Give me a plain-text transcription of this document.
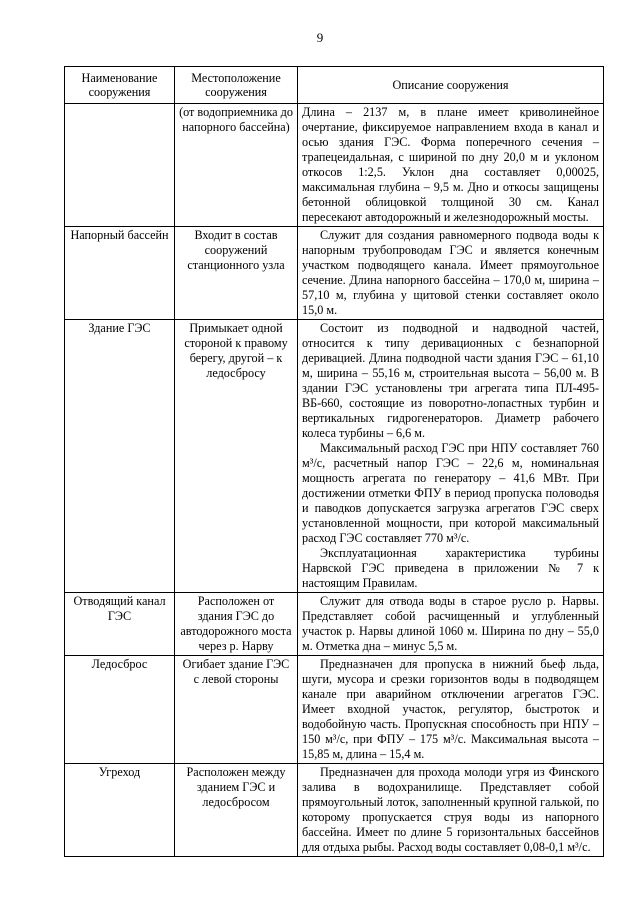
9
Наименование сооружения	Местоположение сооружения	Описание сооружения
	(от водоприемника до напорного бассейна)	Длина – 2137 м, в плане имеет криволинейное очертание, фиксируемое направлением входа в канал и осью здания ГЭС. Форма поперечного сечения – трапецеидальная, с шириной по дну 20,0 м и уклоном откосов 1:2,5. Уклон дна составляет 0,00025, максимальная глубина – 9,5 м. Дно и откосы защищены бетонной облицовкой толщиной 30 см. Канал пересекают автодорожный и железнодорожный мосты.

Напорный бассейн	Входит в состав сооружений станционного узла	Служит для создания равномерного подвода воды к напорным трубопроводам ГЭС и является конечным участком подводящего канала. Имеет прямоугольное сечение. Длина напорного бассейна – 170,0 м, ширина – 57,10 м, глубина у щитовой стенки составляет около 15,0 м.

Здание ГЭС	Примыкает одной стороной к правому берегу, другой – к ледосбросу	Состоит из подводной и надводной частей, относится к типу деривационных с безнапорной деривацией. Длина подводной части здания ГЭС – 61,10 м, ширина – 55,16 м, строительная высота – 56,00 м. В здании ГЭС установлены три агрегата типа ПЛ-495-ВБ-660, состоящие из поворотно-лопастных турбин и вертикальных гидрогенераторов. Диаметр рабочего колеса турбины – 6,6 м.

Максимальный расход ГЭС при НПУ составляет 760 м³/с, расчетный напор ГЭС – 22,6 м, номинальная мощность агрегата по генератору – 41,6 МВт. При достижении отметки ФПУ в период пропуска половодья и паводков допускается загрузка агрегатов ГЭС сверх установленной мощности, при которой максимальный расход ГЭС составляет 770 м³/с.

Эксплуатационная характеристика турбины Нарвской ГЭС приведена в приложении № 7 к настоящим Правилам.

Отводящий канал ГЭС	Расположен от здания ГЭС до автодорожного моста через р. Нарву	Служит для отвода воды в старое русло р. Нарвы. Представляет собой расчищенный и углубленный участок р. Нарвы длиной 1060 м. Ширина по дну – 55,0 м. Отметка дна – минус 5,5 м.

Ледосброс	Огибает здание ГЭС с левой стороны	Предназначен для пропуска в нижний бьеф льда, шуги, мусора и срезки горизонтов воды в подводящем канале при аварийном отключении агрегатов ГЭС. Имеет входной участок, регулятор, быстроток и водобойную часть. Пропускная способность при НПУ – 150 м³/с, при ФПУ – 175 м³/с. Максимальная высота – 15,85 м, длина – 15,4 м.

Угреход	Расположен между зданием ГЭС и ледосбросом	Предназначен для прохода молоди угря из Финского залива в водохранилище. Представляет собой прямоугольный лоток, заполненный крупной галькой, по которому пропускается струя воды из напорного бассейна. Имеет по длине 5 горизонтальных бассейнов для отдыха рыбы. Расход воды составляет 0,08-0,1 м³/с.
